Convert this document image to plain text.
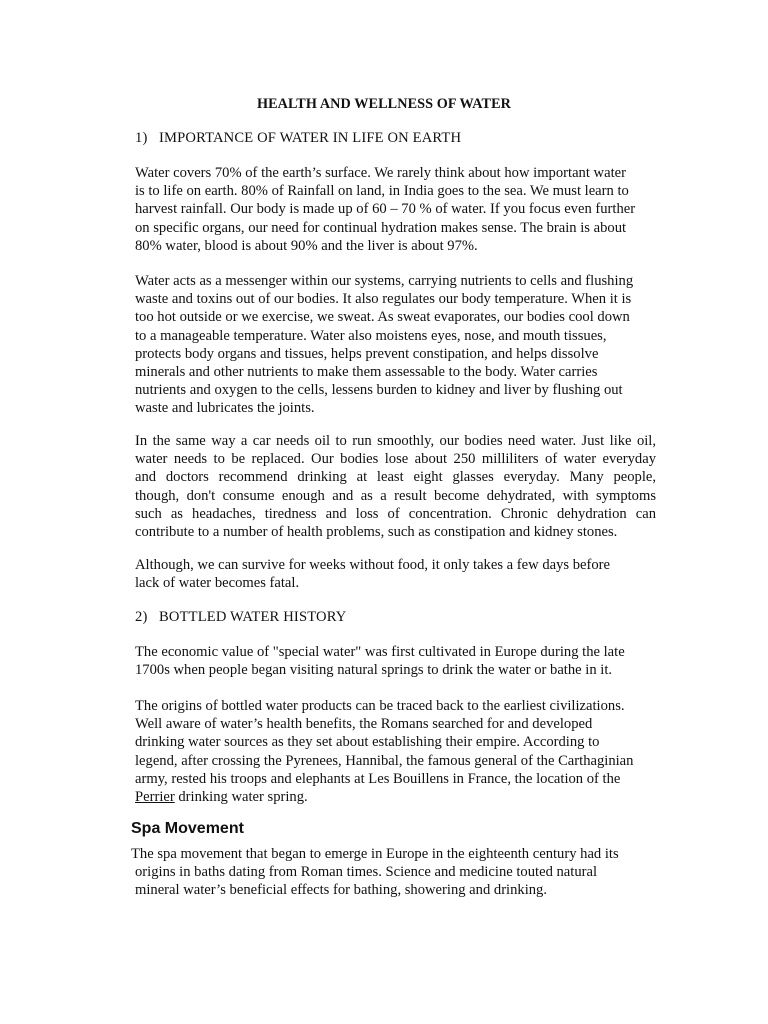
HEALTH AND WELLNESS OF WATER
1) IMPORTANCE OF WATER IN LIFE ON EARTH
Water covers 70% of the earth’s surface. We rarely think about how important water
is to life on earth. 80% of Rainfall on land, in India goes to the sea. We must learn to
harvest rainfall. Our body is made up of 60 – 70 % of water. If you focus even further
on specific organs, our need for continual hydration makes sense. The brain is about
80% water, blood is about 90% and the liver is about 97%.
Water acts as a messenger within our systems, carrying nutrients to cells and flushing
waste and toxins out of our bodies. It also regulates our body temperature. When it is
too hot outside or we exercise, we sweat. As sweat evaporates, our bodies cool down
to a manageable temperature. Water also moistens eyes, nose, and mouth tissues,
protects body organs and tissues, helps prevent constipation, and helps dissolve
minerals and other nutrients to make them assessable to the body. Water carries
nutrients and oxygen to the cells, lessens burden to kidney and liver by flushing out
waste and lubricates the joints.
In the same way a car needs oil to run smoothly, our bodies need water. Just like oil,
water needs to be replaced. Our bodies lose about 250 milliliters of water everyday
and doctors recommend drinking at least eight glasses everyday. Many people,
though, don't consume enough and as a result become dehydrated, with symptoms
such as headaches, tiredness and loss of concentration. Chronic dehydration can
contribute to a number of health problems, such as constipation and kidney stones.
Although, we can survive for weeks without food, it only takes a few days before
lack of water becomes fatal.
2) BOTTLED WATER HISTORY
The economic value of "special water" was first cultivated in Europe during the late
1700s when people began visiting natural springs to drink the water or bathe in it.
The origins of bottled water products can be traced back to the earliest civilizations.
Well aware of water’s health benefits, the Romans searched for and developed
drinking water sources as they set about establishing their empire. According to
legend, after crossing the Pyrenees, Hannibal, the famous general of the Carthaginian
army, rested his troops and elephants at Les Bouillens in France, the location of the
Perrier drinking water spring.
Spa Movement
The spa movement that began to emerge in Europe in the eighteenth century had its
origins in baths dating from Roman times. Science and medicine touted natural
mineral water’s beneficial effects for bathing, showering and drinking.
